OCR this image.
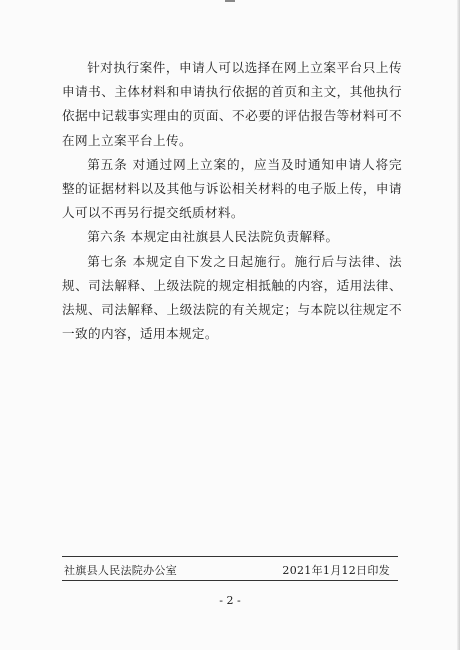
针对执行案件，申请人可以选择在网上立案平台只上传申请书、主体材料和申请执行依据的首页和主文，其他执行依据中记载事实理由的页面、不必要的评估报告等材料可不在网上立案平台上传。

第五条 对通过网上立案的，应当及时通知申请人将完整的证据材料以及其他与诉讼相关材料的电子版上传，申请人可以不再另行提交纸质材料。

第六条 本规定由社旗县人民法院负责解释。

第七条 本规定自下发之日起施行。施行后与法律、法规、司法解释、上级法院的规定相抵触的内容，适用法律、法规、司法解释、上级法院的有关规定；与本院以往规定不一致的内容，适用本规定。

社旗县人民法院办公室	2021年1月12日印发
- 2 -
